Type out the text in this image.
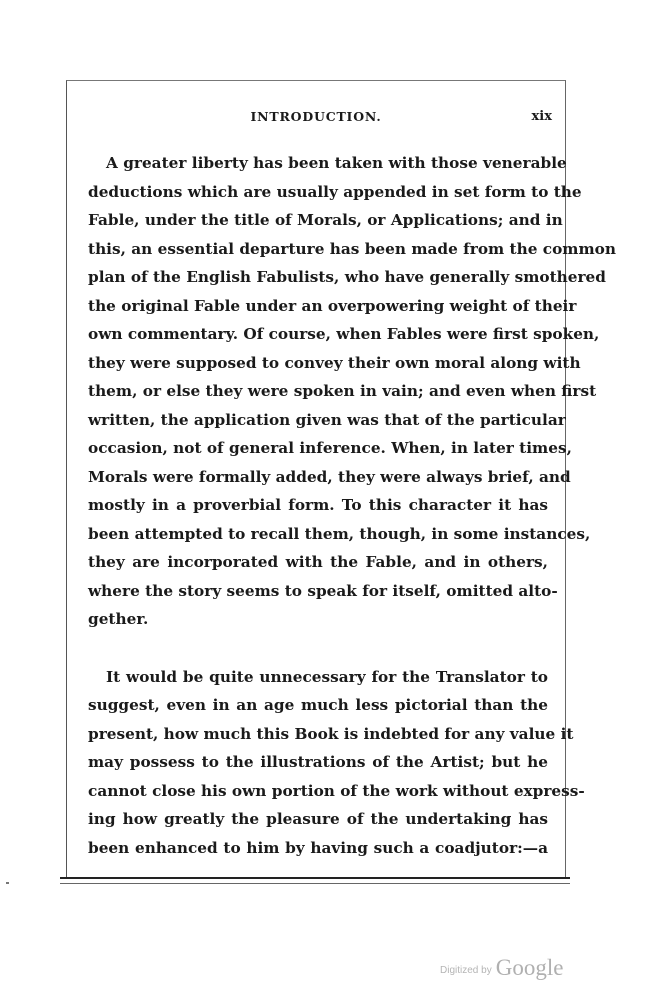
INTRODUCTION.	xix
A greater liberty has been taken with those venerable
deductions which are usually appended in set form to the
Fable, under the title of Morals, or Applications; and in
this, an essential departure has been made from the common
plan of the English Fabulists, who have generally smothered
the original Fable under an overpowering weight of their
own commentary. Of course, when Fables were first spoken,
they were supposed to convey their own moral along with
them, or else they were spoken in vain; and even when first
written, the application given was that of the particular
occasion, not of general inference. When, in later times,
Morals were formally added, they were always brief, and
mostly in a proverbial form. To this character it has
been attempted to recall them, though, in some instances,
they are incorporated with the Fable, and in others,
where the story seems to speak for itself, omitted alto-
gether.
It would be quite unnecessary for the Translator to
suggest, even in an age much less pictorial than the
present, how much this Book is indebted for any value it
may possess to the illustrations of the Artist; but he
cannot close his own portion of the work without express-
ing how greatly the pleasure of the undertaking has
been enhanced to him by having such a coadjutor:—a
Digitized by Google
